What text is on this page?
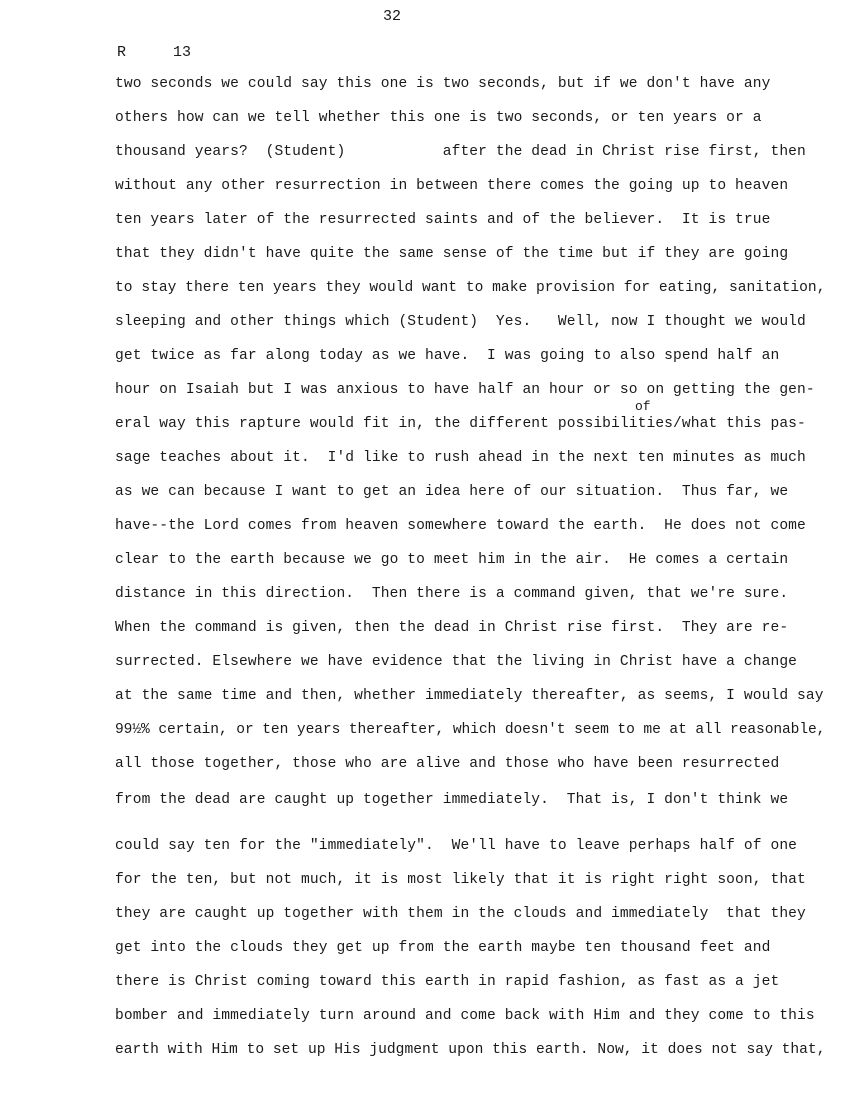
32
R	13
two seconds we could say this one is two seconds, but if we don't have any
others how can we tell whether this one is two seconds, or ten years or a
thousand years?  (Student)           after the dead in Christ rise first, then
without any other resurrection in between there comes the going up to heaven
ten years later of the resurrected saints and of the believer.  It is true
that they didn't have quite the same sense of the time but if they are going
to stay there ten years they would want to make provision for eating, sanitation,
sleeping and other things which (Student)  Yes.   Well, now I thought we would
get twice as far along today as we have.  I was going to also spend half an
hour on Isaiah but I was anxious to have half an hour or so on getting the gen-
of
eral way this rapture would fit in, the different possibilities/what this pas-
sage teaches about it.  I'd like to rush ahead in the next ten minutes as much
as we can because I want to get an idea here of our situation.  Thus far, we
have--the Lord comes from heaven somewhere toward the earth.  He does not come
clear to the earth because we go to meet him in the air.  He comes a certain
distance in this direction.  Then there is a command given, that we're sure.
When the command is given, then the dead in Christ rise first.  They are re-
surrected. Elsewhere we have evidence that the living in Christ have a change
at the same time and then, whether immediately thereafter, as seems, I would say
99½% certain, or ten years thereafter, which doesn't seem to me at all reasonable,
all those together, those who are alive and those who have been resurrected
from the dead are caught up together immediately.  That is, I don't think we
could say ten for the "immediately".  We'll have to leave perhaps half of one
for the ten, but not much, it is most likely that it is right right soon, that
they are caught up together with them in the clouds and immediately  that they
get into the clouds they get up from the earth maybe ten thousand feet and
there is Christ coming toward this earth in rapid fashion, as fast as a jet
bomber and immediately turn around and come back with Him and they come to this
earth with Him to set up His judgment upon this earth. Now, it does not say that,
